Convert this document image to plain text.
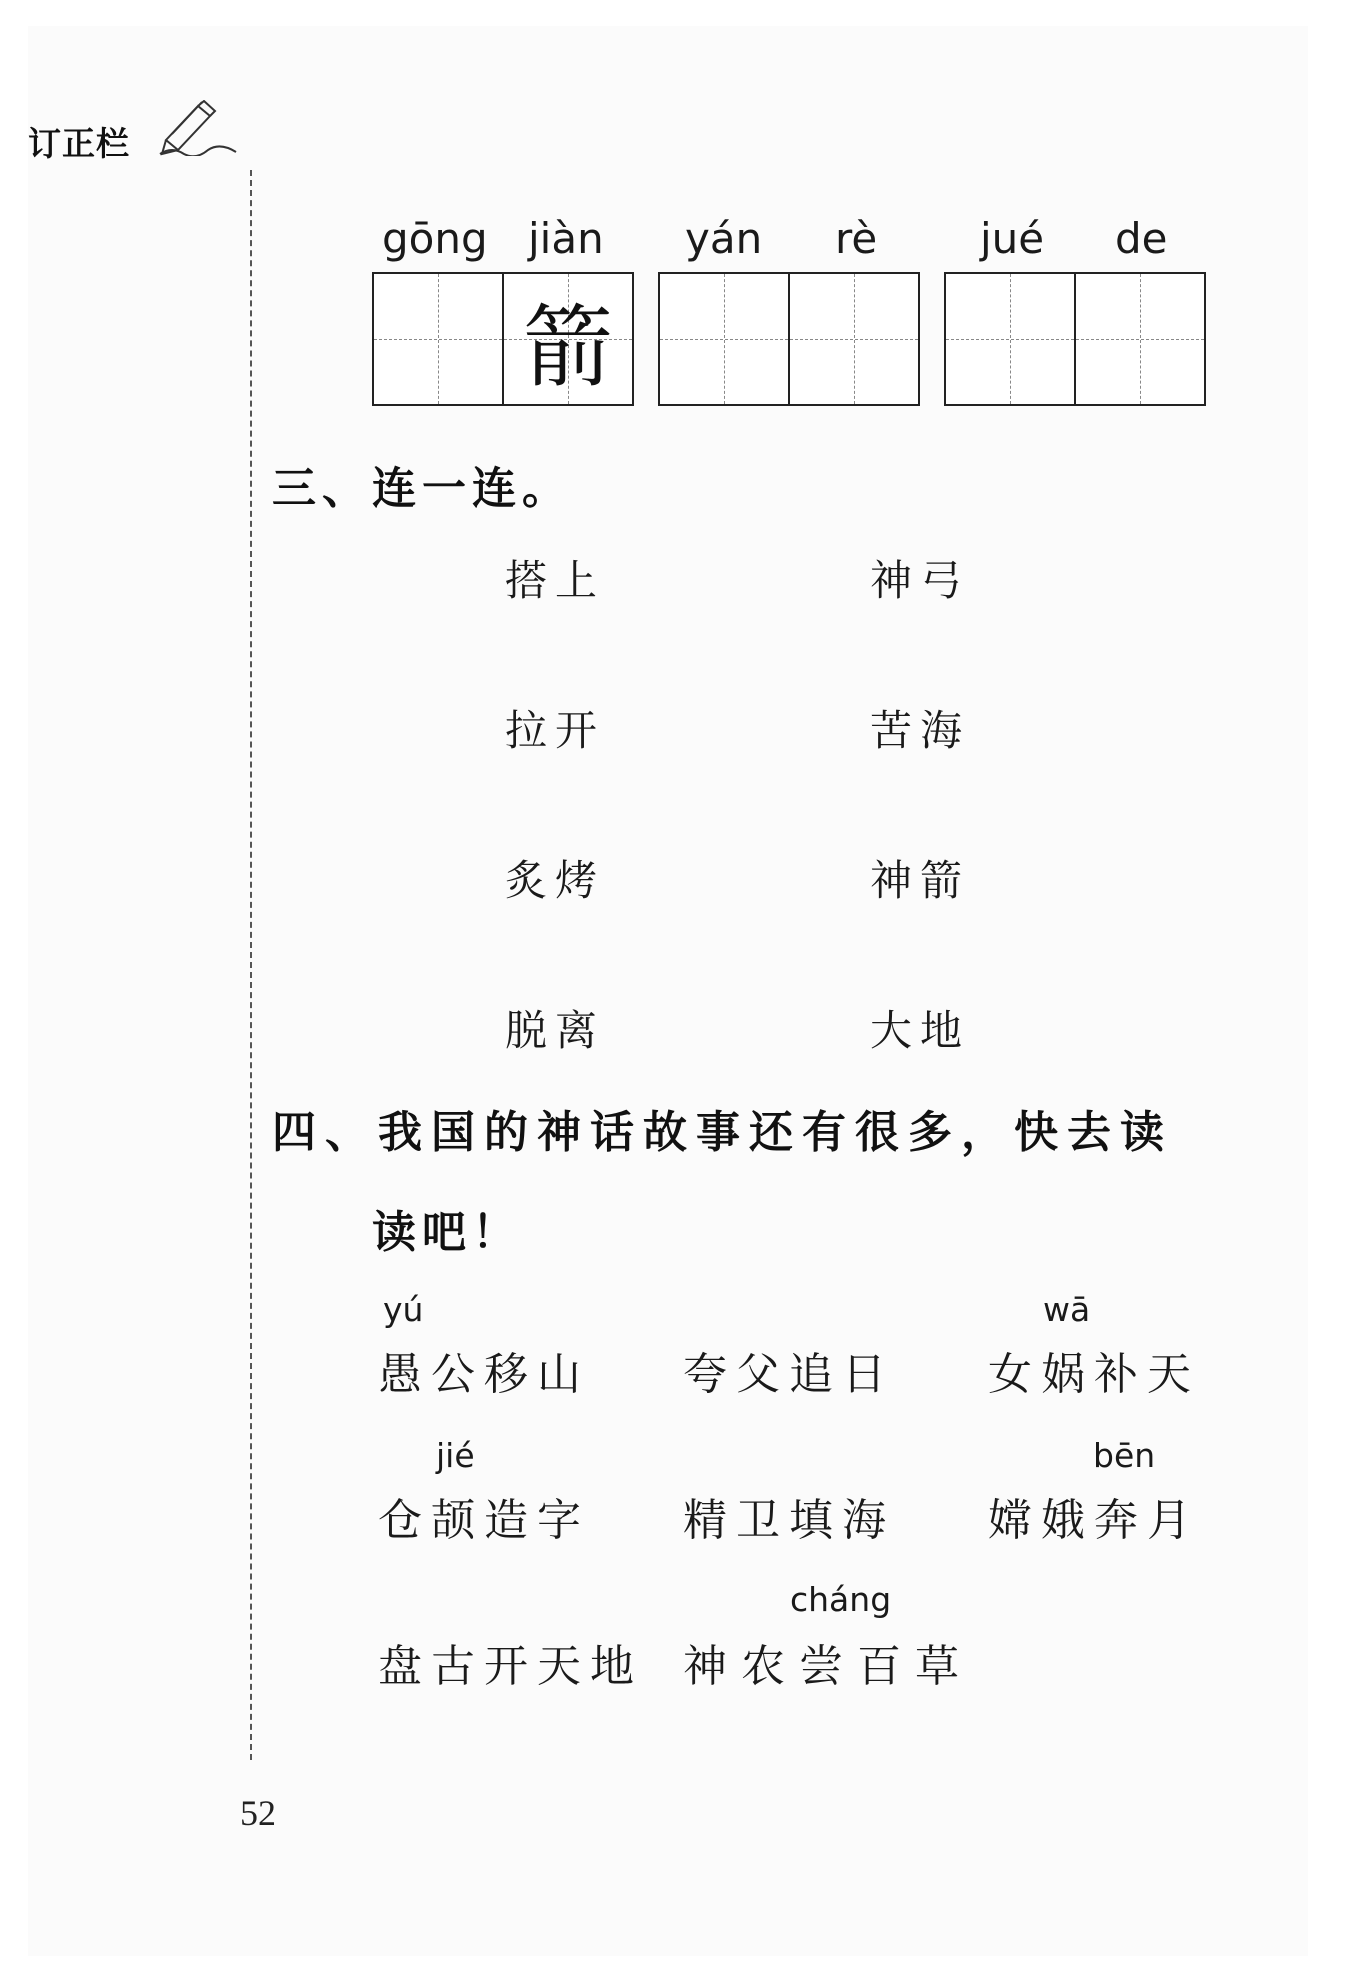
订正栏
gōng jiàn yán rè jué de
箭
三、连一连。
搭上
拉开
炙烤
脱离
神弓
苦海
神箭
大地
四、我国的神话故事还有很多，快去读
读吧！
yú	wā
愚公移山 夸父追日 女娲补天
jié	bēn
仓颉造字 精卫填海 嫦娥奔月
cháng
盘古开天地 神农尝百草
52
